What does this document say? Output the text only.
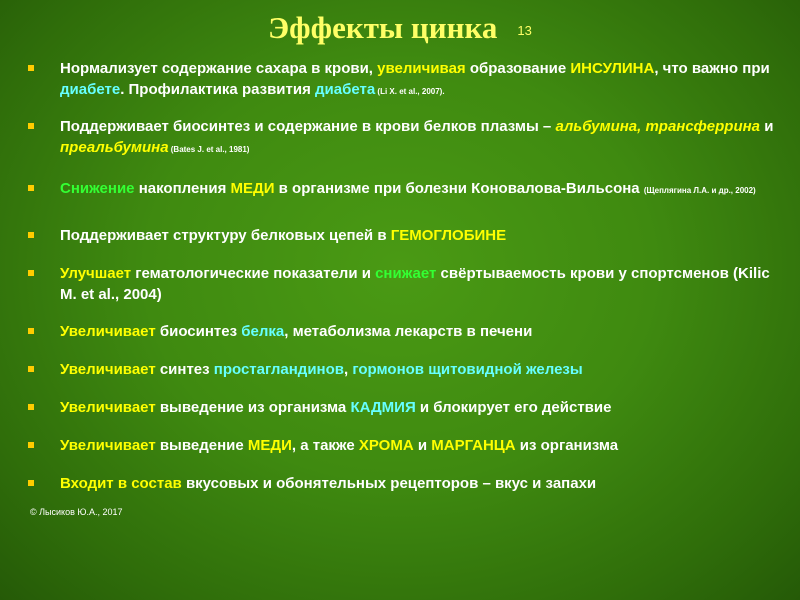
Эффекты цинка 13
Нормализует содержание сахара в крови, увеличивая образование ИНСУЛИНА, что важно при диабете. Профилактика развития диабета (Li X. et al., 2007).
Поддерживает биосинтез и содержание в крови белков плазмы – альбумина, трансферрина и преальбумина (Bates J. et al., 1981)
Снижение накопления МЕДИ в организме при болезни Коновалова-Вильсона (Щеплягина Л.А. и др., 2002)
Поддерживает структуру белковых цепей в ГЕМОГЛОБИНЕ
Улучшает гематологические показатели и снижает свёртываемость крови у спортсменов (Kilic M. et al., 2004)
Увеличивает биосинтез белка, метаболизма лекарств в печени
Увеличивает синтез простагландинов, гормонов щитовидной железы
Увеличивает выведение из организма КАДМИЯ и блокирует его действие
Увеличивает выведение МЕДИ, а также ХРОМА и МАРГАНЦА из организма
Входит в состав вкусовых и обонятельных рецепторов – вкус и запахи
© Лысиков Ю.А., 2017
